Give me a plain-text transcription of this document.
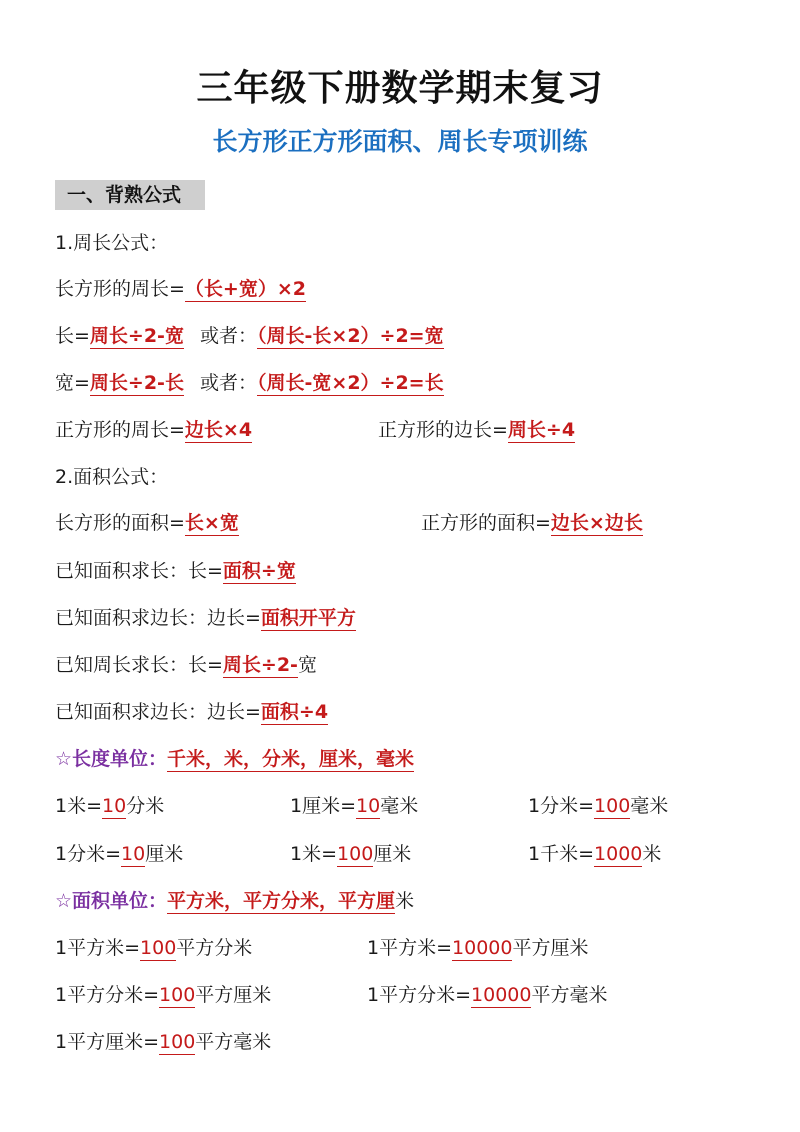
三年级下册数学期末复习
长方形正方形面积、周长专项训练
一、背熟公式
1.周长公式：
长方形的周长=（长+宽）×2
长=周长÷2-宽 或者：（周长-长×2）÷2=宽
宽=周长÷2-长 或者：（周长-宽×2）÷2=长
正方形的周长=边长×4	正方形的边长=周长÷4
2.面积公式：
长方形的面积=长×宽	正方形的面积=边长×边长
已知面积求长：长=面积÷宽
已知面积求边长：边长=面积开平方
已知周长求长：长=周长÷2-宽
已知面积求边长：边长=面积÷4
☆长度单位：千米，米，分米，厘米，毫米
1米=10分米	1厘米=10毫米	1分米=100毫米
1分米=10厘米	1米=100厘米	1千米=1000米
☆面积单位：平方米，平方分米，平方厘米
1平方米=100平方分米	1平方米=10000平方厘米
1平方分米=100平方厘米	1平方分米=10000平方毫米
1平方厘米=100平方毫米
